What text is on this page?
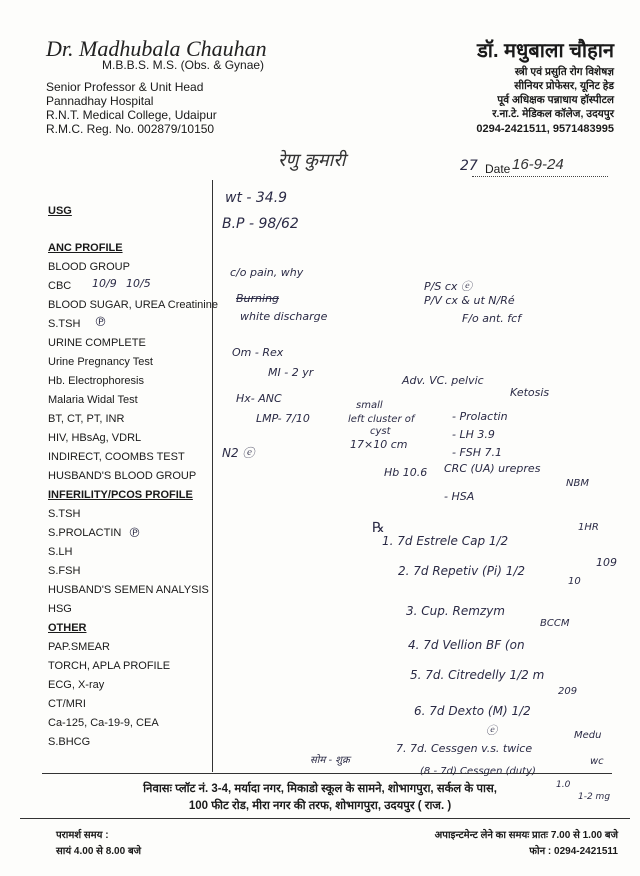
Dr. Madhubala Chauhan
M.B.B.S. M.S. (Obs. & Gynae)
Senior Professor & Unit Head
Pannadhay Hospital
R.N.T. Medical College, Udaipur
R.M.C. Reg. No. 002879/10150
डॉ. मधुबाला चौहान
स्त्री एवं प्रसुति रोग विशेषज्ञ
सीनियर प्रोफेसर, यूनिट हेड
पूर्व अधिक्षक पन्नाधाय हॉस्पीटल
र.ना.टे. मेडिकल कॉलेज, उदयपुर
0294-2421511, 9571483995
रेणु कुमारी	27 Date 16-9-24
USG
ANC PROFILE
BLOOD GROUP
CBC
BLOOD SUGAR, UREA Creatinine
S.TSH
URINE COMPLETE
Urine Pregnancy Test
Hb. Electrophoresis
Malaria Widal Test
BT, CT, PT, INR
HIV, HBsAg, VDRL
INDIRECT, COOMBS TEST
HUSBAND'S BLOOD GROUP
INFERILITY/PCOS PROFILE
S.TSH
S.PROLACTIN
S.LH
S.FSH
HUSBAND'S SEMEN ANALYSIS
HSG
OTHER
PAP.SMEAR
TORCH, APLA PROFILE
ECG, X-ray
CT/MRI
Ca-125, Ca-19-9, CEA
S.BHCG
10/9 10/5
℗
℗
wt - 34.9
B.P - 98/62
c/o pain, why
Burning
white discharge
P/S cx ⓔ
P/V cx & ut N/Ré
F/o ant. fcf
Om - Rex
MI - 2 yr
Hx- ANC
LMP- 7/10
small
left cluster of
cyst
17×10 cm
Adv. VC. pelvic
Ketosis
- Prolactin
- LH 3.9
- FSH 7.1
Hb 10.6 CRC (UA) urepres
NBM
- HSA
N2 ⓔ
℞
1. 7d Estrele Cap 1/2
1HR
2. 7d Repetiv (Pi) 1/2
10
109
3. Cup. Remzym
BCCM
4. 7d Vellion BF (on
5. 7d. Citredelly 1/2 m
209
6. 7d Dexto (M) 1/2
ⓔ
7. 7d. Cessgen v.s. twice
Medu
wc
(8 - 7d) Cessgen (duty)
1.0
1-2 mg
सोम - शुक्र
निवासः प्लॉट नं. 3-4, मर्यादा नगर, मिकाडो स्कूल के सामने, शोभागपुरा, सर्कल के पास,
100 फीट रोड, मीरा नगर की तरफ, शोभागपुरा, उदयपुर ( राज. )
परामर्श समय :
सायं 4.00 से 8.00 बजे
अपाइन्टमेन्ट लेने का समयः प्रातः 7.00 से 1.00 बजे
फोन : 0294-2421511
